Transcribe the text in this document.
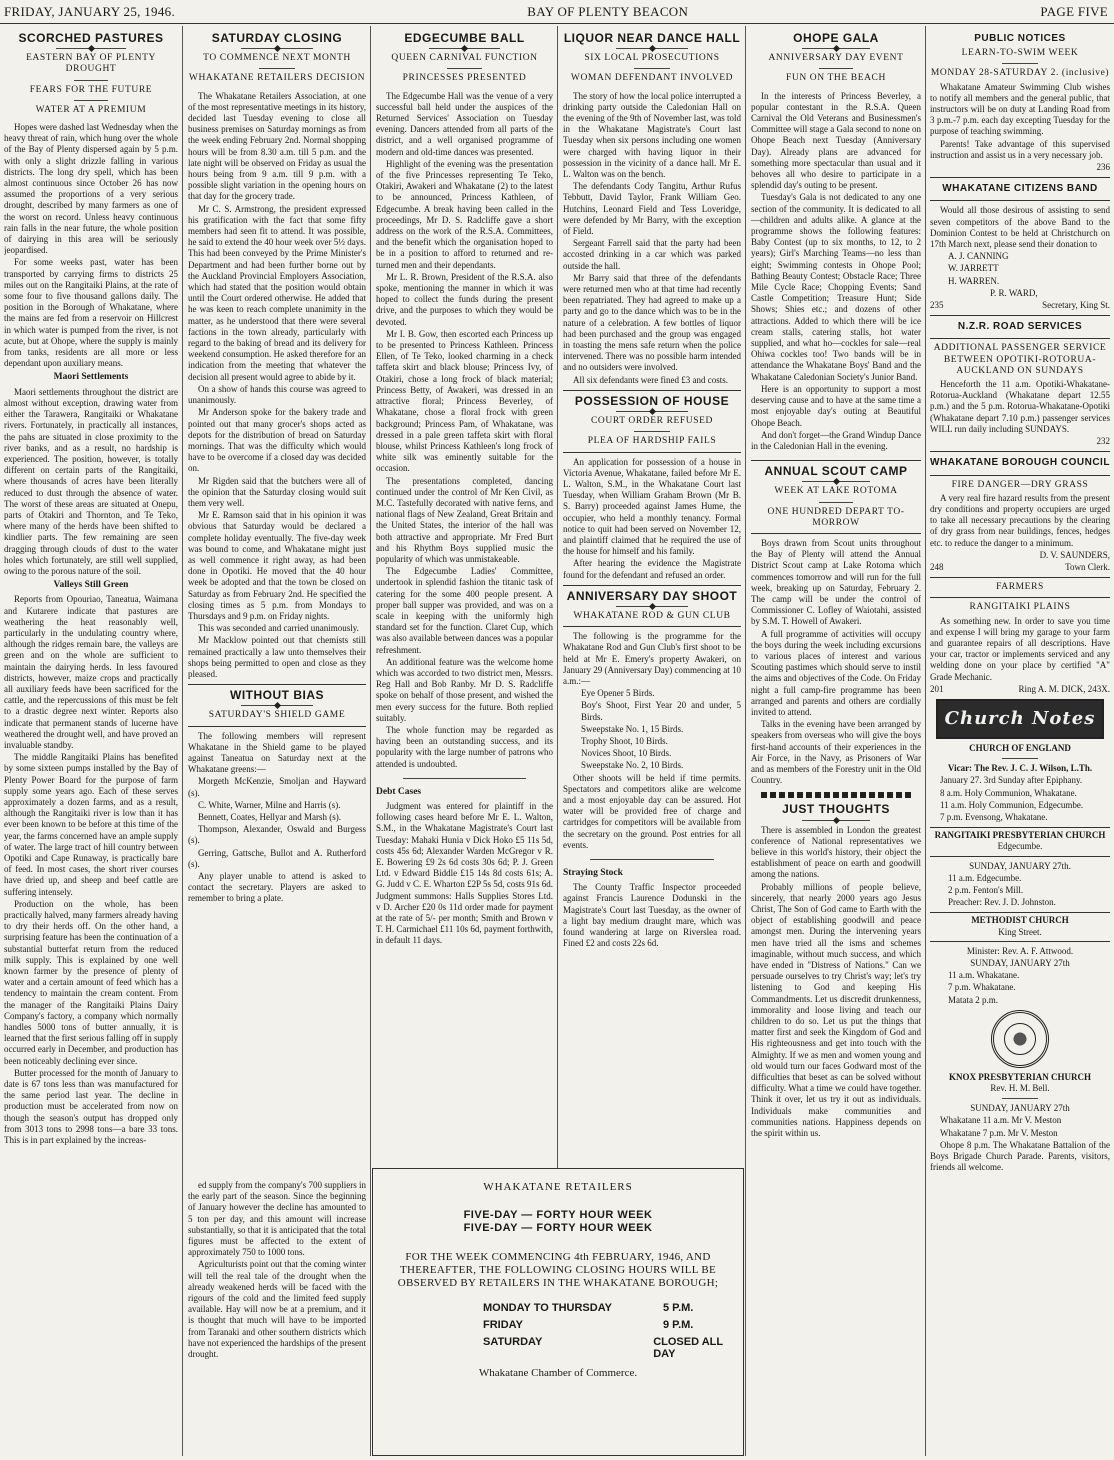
FRIDAY, JANUARY 25, 1946.	BAY OF PLENTY BEACON	PAGE FIVE
SCORCHED PASTURES
EASTERN BAY OF PLENTY DROUGHT
FEARS FOR THE FUTURE
WATER AT A PREMIUM

Hopes were dashed last Wednesday when the heavy threat of rain, which hung over the whole of the Bay of Plenty dispersed again by 5 p.m. with only a slight drizzle falling in various districts. The long dry spell, which has been almost continuous since October 26 has now assumed the proportions of a very serious drought, described by many farmers as one of the worst on record. Unless heavy continuous rain falls in the near future, the whole position of dairying in this area will be seriously jeopardised.

For some weeks past, water has been transported by carrying firms to districts 25 miles out on the Rangitaiki Plains, at the rate of some four to five thousand gallons daily. The position in the Borough of Whakatane, where the mains are fed from a reservoir on Hillcrest in which water is pumped from the river, is not acute, but at Ohope, where the supply is mainly from tanks, residents are all more or less dependant upon auxiliary means.

Maori Settlements

Maori settlements throughout the district are almost without exception, drawing water from either the Tarawera, Rangitaiki or Whakatane rivers. Fortunately, in practically all instances, the pahs are situated in close proximity to the river banks, and as a result, no hardship is experienced. The position, however, is totally different on certain parts of the Rangitaiki, where thousands of acres have been literally reduced to dust through the absence of water. The worst of these areas are situated at Onepu, parts of Otakiri and Thornton, and Te Teko, where many of the herds have been shifted to kindlier parts. The few remaining are seen dragging through clouds of dust to the water holes which fortunately, are still well supplied, owing to the porous nature of the soil.

Valleys Still Green

Reports from Opouriao, Taneatua, Waimana and Kutarere indicate that pastures are weathering the heat reasonably well, particularly in the undulating country where, although the ridges remain bare, the valleys are green and on the whole are sufficient to maintain the dairying herds. In less favoured districts, however, maize crops and practically all auxiliary feeds have been sacrificed for the cattle, and the repercussions of this must be felt to a drastic degree next winter. Reports also indicate that permanent stands of lucerne have weathered the drought well, and have proved an invaluable standby.

The middle Rangitaiki Plains has benefited by some sixteen pumps installed by the Bay of Plenty Power Board for the purpose of farm supply some years ago. Each of these serves approximately a dozen farms, and as a result, although the Rangitaiki river is low than it has ever been known to be before at this time of the year, the farms concerned have an ample supply of water. The large tract of hill country between Opotiki and Cape Runaway, is practically bare of feed. In most cases, the short river courses have dried up, and sheep and beef cattle are suffering intensely.

Production on the whole, has been practically halved, many farmers already having to dry their herds off. On the other hand, a surprising feature has been the continuation of a substantial butterfat return from the reduced milk supply. This is explained by one well known farmer by the presence of plenty of water and a certain amount of feed which has a tendency to maintain the cream content. From the manager of the Rangitaiki Plains Dairy Company's factory, a company which normally handles 5000 tons of butter annually, it is learned that the first serious falling off in supply occurred early in December, and production has been noticeably declining ever since.

Butter processed for the month of January to date is 67 tons less than was manufactured for the same period last year. The decline in production must be accelerated from now on though the season's output has dropped only from 3013 tons to 2998 tons—a bare 33 tons. This is in part explained by the increas-

SATURDAY CLOSING
TO COMMENCE NEXT MONTH
WHAKATANE RETAILERS DECISION

The Whakatane Retailers Association, at one of the most representative meetings in its history, decided last Tuesday evening to close all business premises on Saturday mornings as from the week ending February 2nd. Normal shopping hours will be from 8.30 a.m. till 5 p.m. and the late night will be observed on Friday as usual the hours being from 9 a.m. till 9 p.m. with a possible slight variation in the opening hours on that day for the grocery trade.

Mr C. S. Armstrong, the president expressed his gratification with the fact that some fifty members had seen fit to attend. It was possible, he said to extend the 40 hour week over 5½ days. This had been conveyed by the Prime Minister's Department and had been further borne out by the Auckland Provincial Employers Association, which had stated that the position would obtain until the Court ordered otherwise. He added that he was keen to reach complete unanimity in the matter, as he understood that there were several factions in the town already, particularly with regard to the baking of bread and its delivery for weekend consumption. He asked therefore for an indication from the meeting that whatever the decision all present would agree to abide by it.

On a show of hands this course was agreed to unanimously.

Mr Anderson spoke for the bakery trade and pointed out that many grocer's shops acted as depots for the distribution of bread on Saturday mornings. That was the difficulty which would have to be overcome if a closed day was decided on.

Mr Rigden said that the butchers were all of the opinion that the Saturday closing would suit them very well.

Mr E. Ramson said that in his opinion it was obvious that Saturday would be declared a complete holiday eventually. The five-day week was bound to come, and Whakatane might just as well commence it right away, as had been done in Opotiki. He moved that the 40 hour week be adopted and that the town be closed on Saturday as from February 2nd. He specified the closing times as 5 p.m. from Mondays to Thursdays and 9 p.m. on Friday nights.

This was seconded and carried unanimously.

Mr Macklow pointed out that chemists still remained practically a law unto themselves their shops being permitted to open and close as they pleased.

WITHOUT BIAS
SATURDAY'S SHIELD GAME

The following members will represent Whakatane in the Shield game to be played against Taneatua on Saturday next at the Whakatane greens:—

Morgeth McKenzie, Smoljan and Hayward (s).

C. White, Warner, Milne and Harris (s).

Bennett, Coates, Hellyar and Marsh (s).

Thompson, Alexander, Oswald and Burgess (s).

Gerring, Gattsche, Bullot and A. Rutherford (s).

Any player unable to attend is asked to contact the secretary. Players are asked to remember to bring a plate.

ed supply from the company's 700 suppliers in the early part of the season. Since the beginning of January however the decline has amounted to 5 ton per day, and this amount will increase substantially, so that it is anticipated that the total figures must be affected to the extent of approximately 750 to 1000 tons.

Agriculturists point out that the coming winter will tell the real tale of the drought when the already weakened herds will be faced with the rigours of the cold and the limited feed supply available. Hay will now be at a premium, and it is thought that much will have to be imported from Taranaki and other southern districts which have not experienced the hardships of the present drought.

EDGECUMBE BALL
QUEEN CARNIVAL FUNCTION
PRINCESSES PRESENTED

The Edgecumbe Hall was the venue of a very successful ball held under the auspices of the Returned Services' Association on Tuesday evening. Dancers attended from all parts of the district, and a well organised programme of modern and old-time dances was presented.

Highlight of the evening was the presentation of the five Princesses representing Te Teko, Otakiri, Awakeri and Whakatane (2) to the latest to be announced, Princess Kathleen, of Edgecumbe. A break having been called in the proceedings, Mr D. S. Radcliffe gave a short address on the work of the R.S.A. Committees, and the benefit which the organisation hoped to be in a position to afford to returned and re-turned men and their dependants.

Mr L. R. Brown, President of the R.S.A. also spoke, mentioning the manner in which it was hoped to collect the funds during the present drive, and the purposes to which they would be devoted.

Mr I. B. Gow, then escorted each Princess up to be presented to Princess Kathleen. Princess Ellen, of Te Teko, looked charming in a check taffeta skirt and black blouse; Princess Ivy, of Otakiri, chose a long frock of black material; Princess Betty, of Awakeri, was dressed in an attractive floral; Princess Beverley, of Whakatane, chose a floral frock with green background; Princess Pam, of Whakatane, was dressed in a pale green taffeta skirt with floral blouse, whilst Princess Kathleen's long frock of white silk was eminently suitable for the occasion.

The presentations completed, dancing continued under the control of Mr Ken Civil, as M.C. Tastefully decorated with native ferns, and national flags of New Zealand, Great Britain and the United States, the interior of the hall was both attractive and appropriate. Mr Fred Burt and his Rhythm Boys supplied music the popularity of which was unmistakeable.

The Edgecumbe Ladies' Committee, undertook in splendid fashion the titanic task of catering for the some 400 people present. A proper ball supper was provided, and was on a scale in keeping with the uniformly high standard set for the function. Claret Cup, which was also available between dances was a popular refreshment.

An additional feature was the welcome home which was accorded to two district men, Messrs. Reg Hall and Bob Ranby. Mr D. S. Radcliffe spoke on behalf of those present, and wished the men every success for the future. Both replied suitably.

The whole function may be regarded as having been an outstanding success, and its popularity with the large number of patrons who attended is undoubted.

Debt Cases

Judgment was entered for plaintiff in the following cases heard before Mr E. L. Walton, S.M., in the Whakatane Magistrate's Court last Tuesday: Mahaki Hunia v Dick Hoko £5 11s 5d, costs 45s 6d; Alexander Warden McGregor v R. E. Bowering £9 2s 6d costs 30s 6d; P. J. Green Ltd. v Edward Biddle £15 14s 8d costs 61s; A. G. Judd v C. E. Wharton £2P 5s 5d, costs 91s 6d. Judgment summons: Halls Supplies Stores Ltd. v D. Archer £20 0s 11d order made for payment at the rate of 5/- per month; Smith and Brown v T. H. Carmichael £11 10s 6d, payment forthwith, in default 11 days.

LIQUOR NEAR DANCE HALL
SIX LOCAL PROSECUTIONS
WOMAN DEFENDANT INVOLVED

The story of how the local police interrupted a drinking party outside the Caledonian Hall on the evening of the 9th of November last, was told in the Whakatane Magistrate's Court last Tuesday when six persons including one women were charged with having liquor in their possession in the vicinity of a dance hall. Mr E. L. Walton was on the bench.

The defendants Cody Tangitu, Arthur Rufus Tebbutt, David Taylor, Frank William Geo. Hutchins, Leonard Field and Tess Loveridge, were defended by Mr Barry, with the exception of Field.

Sergeant Farrell said that the party had been accosted drinking in a car which was parked outside the hall.

Mr Barry said that three of the defendants were returned men who at that time had recently been repatriated. They had agreed to make up a party and go to the dance which was to be in the nature of a celebration. A few bottles of liquor had been purchased and the group was engaged in toasting the mens safe return when the police intervened. There was no possible harm intended and no outsiders were involved.

All six defendants were fined £3 and costs.

POSSESSION OF HOUSE
COURT ORDER REFUSED
PLEA OF HARDSHIP FAILS

An application for possession of a house in Victoria Avenue, Whakatane, failed before Mr E. L. Walton, S.M., in the Whakatane Court last Tuesday, when William Graham Brown (Mr B. S. Barry) proceeded against James Hume, the occupier, who held a monthly tenancy. Formal notice to quit had been served on November 12, and plaintiff claimed that he required the use of the house for himself and his family.

After hearing the evidence the Magistrate found for the defendant and refused an order.

ANNIVERSARY DAY SHOOT
WHAKATANE ROD & GUN CLUB

The following is the programme for the Whakatane Rod and Gun Club's first shoot to be held at Mr E. Emery's property Awakeri, on January 29 (Anniversary Day) commencing at 10 a.m.:—

Eye Opener 5 Birds.

Boy's Shoot, First Year 20 and under, 5 Birds.

Sweepstake No. 1, 15 Birds.

Trophy Shoot, 10 Birds.

Novices Shoot, 10 Birds.

Sweepstake No. 2, 10 Birds.

Other shoots will be held if time permits. Spectators and competitors alike are welcome and a most enjoyable day can be assured. Hot water will be provided free of charge and cartridges for competitors will be available from the secretary on the ground. Post entries for all events.

Straying Stock

The County Traffic Inspector proceeded against Francis Laurence Dodunski in the Magistrate's Court last Tuesday, as the owner of a light bay medium draught mare, which was found wandering at large on Riverslea road. Fined £2 and costs 22s 6d.

OHOPE GALA
ANNIVERSARY DAY EVENT
FUN ON THE BEACH

In the interests of Princess Beverley, a popular contestant in the R.S.A. Queen Carnival the Old Veterans and Businessmen's Committee will stage a Gala second to none on Ohope Beach next Tuesday (Anniversary Day). Already plans are advanced for something more spectacular than usual and it behoves all who desire to participate in a splendid day's outing to be present.

Tuesday's Gala is not dedicated to any one section of the community. It is dedicated to all—children and adults alike. A glance at the programme shows the following features: Baby Contest (up to six months, to 12, to 2 years); Girl's Marching Teams—no less than eight; Swimming contests in Ohope Pool; Bathing Beauty Contest; Obstacle Race; Three Mile Cycle Race; Chopping Events; Sand Castle Competition; Treasure Hunt; Side Shows; Shies etc.; and dozens of other attractions. Added to which there will be ice cream stalls, catering stalls, hot water supplied, and what ho—cockles for sale—real Ohiwa cockles too! Two bands will be in attendance the Whakatane Boys' Band and the Whakatane Caledonian Society's Junior Band.

Here is an opportunity to support a most deserving cause and to have at the same time a most enjoyable day's outing at Beautiful Ohope Beach.

And don't forget—the Grand Windup Dance in the Caledonian Hall in the evening.

ANNUAL SCOUT CAMP
WEEK AT LAKE ROTOMA
ONE HUNDRED DEPART TO-MORROW

Boys drawn from Scout units throughout the Bay of Plenty will attend the Annual District Scout camp at Lake Rotoma which commences tomorrow and will run for the full week, breaking up on Saturday, February 2. The camp will be under the control of Commissioner C. Lofley of Waiotahi, assisted by S.M. T. Howell of Awakeri.

A full programme of activities will occupy the boys during the week including excursions to various places of interest and various Scouting pastimes which should serve to instil the aims and objectives of the Code. On Friday night a full camp-fire programme has been arranged and parents and others are cordially invited to attend.

Talks in the evening have been arranged by speakers from overseas who will give the boys first-hand accounts of their experiences in the Air Force, in the Navy, as Prisoners of War and as members of the Forestry unit in the Old Country.

JUST THOUGHTS

There is assembled in London the greatest conference of National representatives we believe in this world's history, their object the establishment of peace on earth and goodwill among the nations.

Probably millions of people believe, sincerely, that nearly 2000 years ago Jesus Christ, The Son of God came to Earth with the object of establishing goodwill and peace amongst men. During the intervening years men have tried all the isms and schemes imaginable, without much success, and which have ended in "Distress of Nations." Can we persuade ourselves to try Christ's way; let's try listening to God and keeping His Commandments. Let us discredit drunkenness, immorality and loose living and teach our children to do so. Let us put the things that matter first and seek the Kingdom of God and His righteousness and get into touch with the Almighty. If we as men and women young and old would turn our faces Godward most of the difficulties that beset as can be solved without difficulty. What a time we could have together. Think it over, let us try it out as individuals. Individuals make communities and communities nations. Happiness depends on the spirit within us.

PUBLIC NOTICES
LEARN-TO-SWIM WEEK
MONDAY 28-SATURDAY 2. (inclusive)

Whakatane Amateur Swimming Club wishes to notify all members and the general public, that instructors will be on duty at Landing Road from 3 p.m.-7 p.m. each day excepting Tuesday for the purpose of teaching swimming.

Parents! Take advantage of this supervised instruction and assist us in a very necessary job.

236

WHAKATANE CITIZENS BAND

Would all those desirous of assisting to send seven competitors of the above Band to the Dominion Contest to be held at Christchurch on 17th March next, please send their donation to

A. J. CANNING

W. JARRETT

H. WARREN.

P. R. WARD,

235	Secretary, King St.
N.Z.R. ROAD SERVICES
ADDITIONAL PASSENGER SERVICE BETWEEN OPOTIKI-ROTORUA-AUCKLAND ON SUNDAYS

Henceforth the 11 a.m. Opotiki-Whakatane-Rotorua-Auckland (Whakatane depart 12.55 p.m.) and the 5 p.m. Rotorua-Whakatane-Opotiki (Whakatane depart 7.10 p.m.) passenger services WILL run daily including SUNDAYS.

232

WHAKATANE BOROUGH COUNCIL
FIRE DANGER—DRY GRASS

A very real fire hazard results from the present dry conditions and property occupiers are urged to take all necessary precautions by the clearing of dry grass from near buildings, fences, hedges etc. to reduce the danger to a minimum.

D. V. SAUNDERS,

248	Town Clerk.
FARMERS
RANGITAIKI PLAINS

As something new. In order to save you time and expense I will bring my garage to your farm and guarantee repairs of all descriptions. Have your car, tractor or implements serviced and any welding done on your place by certified "A" Grade Mechanic.

201	Ring A. M. DICK, 243X.
Church Notes
CHURCH OF ENGLAND

Vicar: The Rev. J. C. J. Wilson, L.Th.

January 27. 3rd Sunday after Epiphany.

8 a.m. Holy Communion, Whakatane.

11 a.m. Holy Communion, Edgecumbe.

7 p.m. Evensong, Whakatane.

RANGITAIKI PRESBYTERIAN CHURCH

Edgecumbe.

SUNDAY, JANUARY 27th.

11 a.m. Edgecumbe.

2 p.m. Fenton's Mill.

Preacher: Rev. J. D. Johnston.

METHODIST CHURCH

King Street.

Minister: Rev. A. F. Attwood.

SUNDAY, JANUARY 27th

11 a.m. Whakatane.

7 p.m. Whakatane.

Matata 2 p.m.

KNOX PRESBYTERIAN CHURCH

Rev. H. M. Bell.

SUNDAY, JANUARY 27th

Whakatane 11 a.m. Mr V. Meston

Whakatane 7 p.m. Mr V. Meston

Ohope 8 p.m. The Whakatane Battalion of the Boys Brigade Church Parade. Parents, visitors, friends all welcome.

WHAKATANE RETAILERS
FIVE-DAY — FORTY HOUR WEEK
FIVE-DAY — FORTY HOUR WEEK
FOR THE WEEK COMMENCING 4th FEBRUARY, 1946, AND THEREAFTER, THE FOLLOWING CLOSING HOURS WILL BE OBSERVED BY RETAILERS IN THE WHAKATANE BOROUGH;
MONDAY TO THURSDAY	5 P.M.
FRIDAY	9 P.M.
SATURDAY	CLOSED ALL DAY
Whakatane Chamber of Commerce.
